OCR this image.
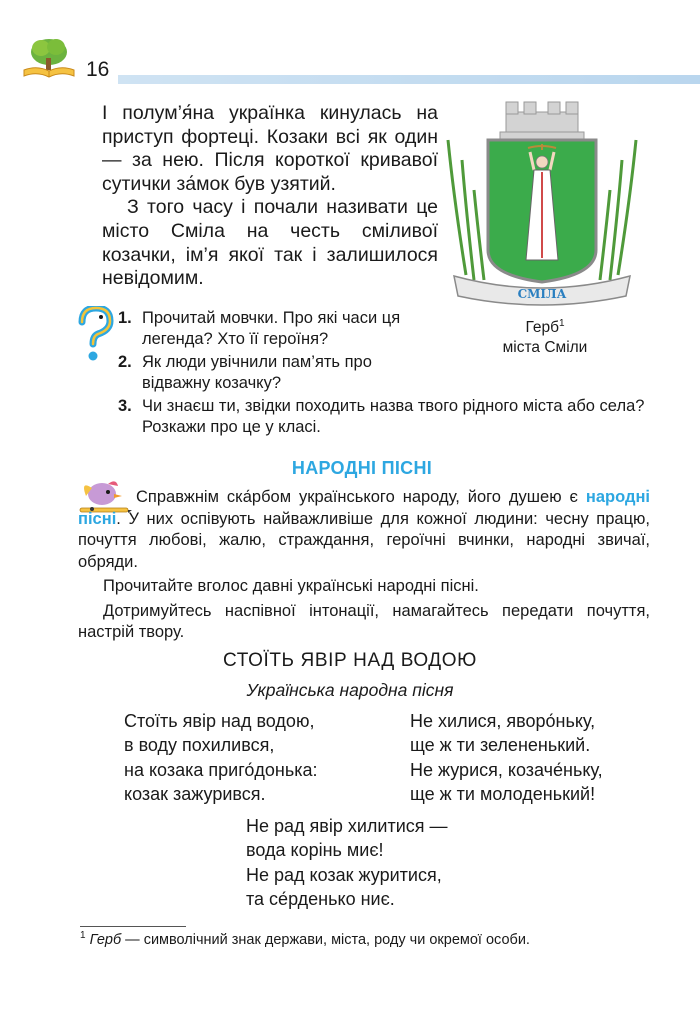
16

І полум’я́на українка кинулась на приступ фортеці. Козаки всі як один — за нею. Після короткої кривавої сутички за́мок був узятий.

З того часу і почали називати це місто Сміла на честь сміливої козачки, ім’я якої так і залишилося невідомим.

СМІЛА
Герб$^1$
міста Сміли
1. Прочитай мовчки. Про які часи ця легенда? Хто її героїня?
2. Як люди увічнили пам’ять про відважну козачку?
3. Чи знаєш ти, звідки походить назва твого рідного міста або села? Розкажи про це у класі.
НАРОДНІ ПІСНІ

Справжнім ска́рбом українського народу, його душею є народні пісні. У них оспівують найважливіше для кожної людини: чесну працю, почуття любові, жалю, страждання, героїчні вчинки, народні звичаї, обряди.

Прочитайте вголос давні українські народні пісні.

Дотримуйтесь наспівної інтонації, намагайтесь передати почуття, настрій твору.

СТОЇТЬ ЯВІР НАД ВОДОЮ
Українська народна пісня
Стоїть явір над водою,
в воду похилився,
на козака приго́донька:
козак зажурився.
Не хилися, яворо́ньку,
ще ж ти зелененький.
Не журися, козаче́ньку,
ще ж ти молоденький!
Не рад явір хилитися —
вода корінь миє!
Не рад козак журитися,
та се́рденько ниє.
$^1$ Герб — символічний знак держави, міста, роду чи окремої особи.
